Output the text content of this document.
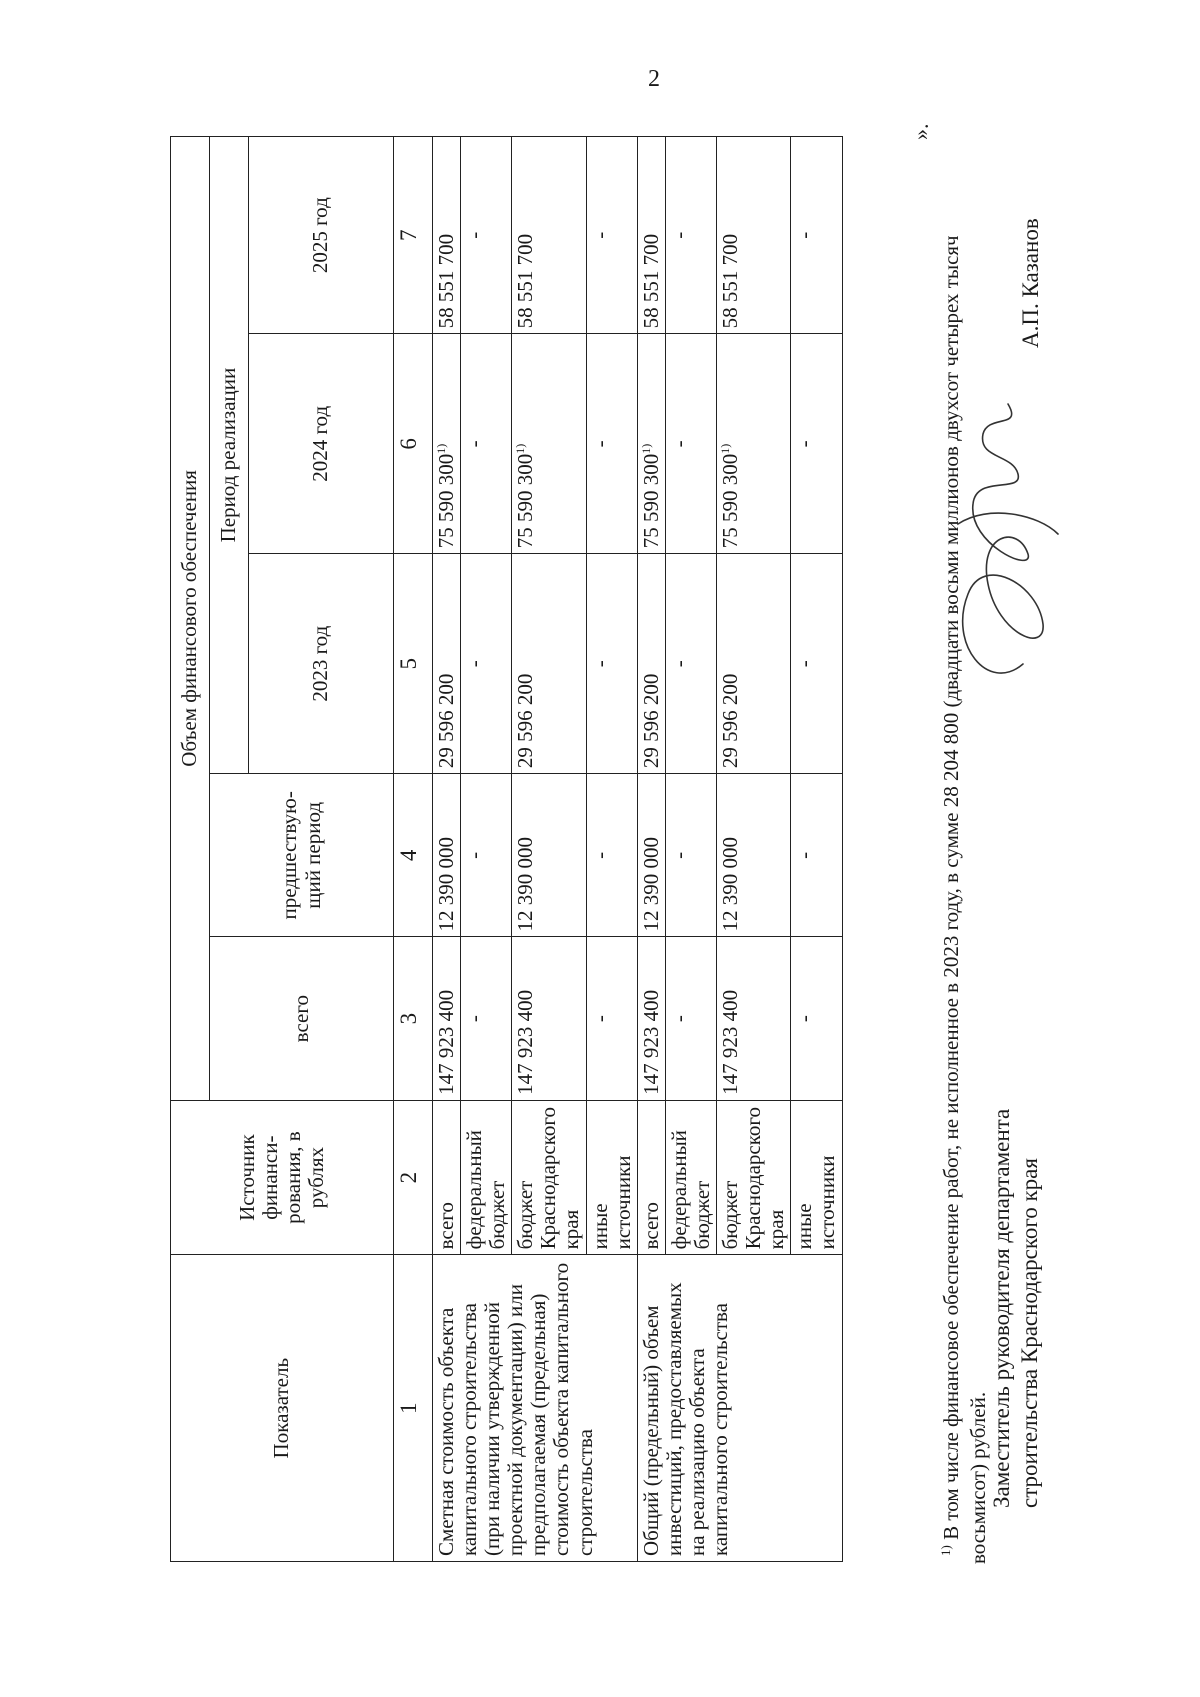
2
Показатель	Источник финанси-рования, в рублях	Объем финансового обеспечения				
		всего	предшествую-щий период	Период реализации		
				2023 год	2024 год	2025 год
1	2	3	4	5	6	7
Сметная стоимость объекта капитального строительства (при наличии утвержденной проектной документации) или предполагаемая (предельная) стоимость объекта капитального строительства	всего	147 923 400	12 390 000	29 596 200	75 590 300$^{1)}$	58 551 700
	федеральный бюджет	-	-	-	-	-
	бюджет Краснодарского края	147 923 400	12 390 000	29 596 200	75 590 300$^{1)}$	58 551 700
	иные источники	-	-	-	-	-
Общий (предельный) объем инвестиций, предоставляемых на реализацию объекта капитального строительства	всего	147 923 400	12 390 000	29 596 200	75 590 300$^{1)}$	58 551 700
	федеральный бюджет	-	-	-	-	-
	бюджет Краснодарского края	147 923 400	12 390 000	29 596 200	75 590 300$^{1)}$	58 551 700
	иные источники	-	-	-	-	-
$^{1)}$ В том числе финансовое обеспечение работ, не исполненное в 2023 году, в сумме 28 204 800 (двадцати восьми миллионов двухсот четырех тысяч восьмисот) рублей.
».
Заместитель руководителя департамента строительства Краснодарского края
А.П. Казанов
